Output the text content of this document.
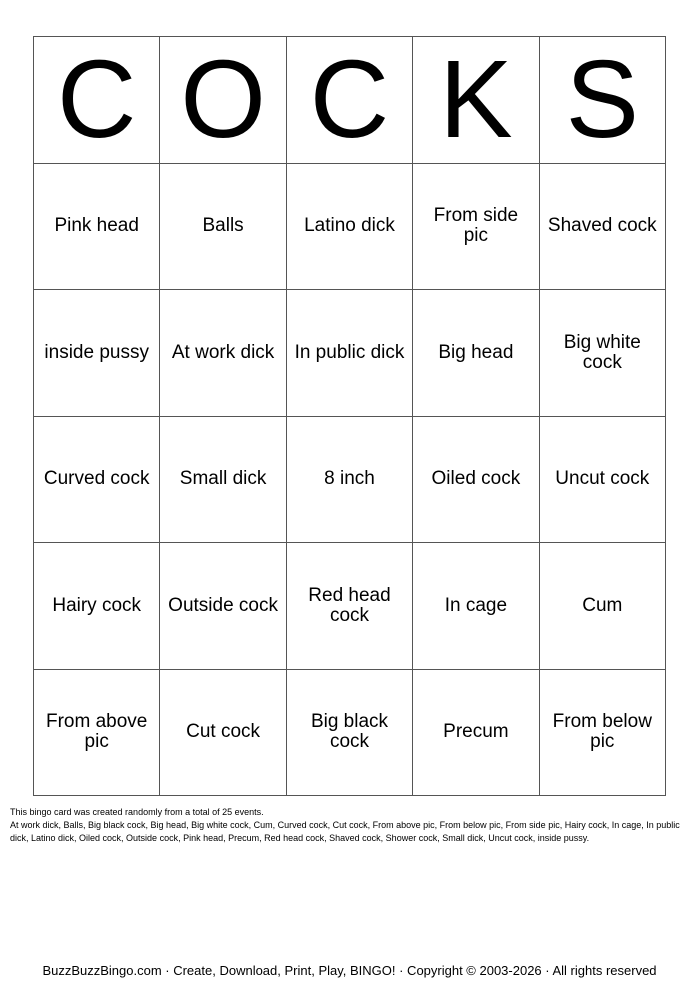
C O C K S
Pink head	Balls	Latino dick	From side pic	Shaved cock
inside pussy	At work dick	In public dick	Big head	Big white cock
Curved cock	Small dick	8 inch	Oiled cock	Uncut cock
Hairy cock	Outside cock	Red head cock	In cage	Cum
From above pic	Cut cock	Big black cock	Precum	From below pic
This bingo card was created randomly from a total of 25 events.
At work dick, Balls, Big black cock, Big head, Big white cock, Cum, Curved cock, Cut cock, From above pic, From below pic, From side pic, Hairy cock, In cage, In public dick, Latino dick, Oiled cock, Outside cock, Pink head, Precum, Red head cock, Shaved cock, Shower cock, Small dick, Uncut cock, inside pussy.
BuzzBuzzBingo.com · Create, Download, Print, Play, BINGO! · Copyright © 2003-2026 · All rights reserved
